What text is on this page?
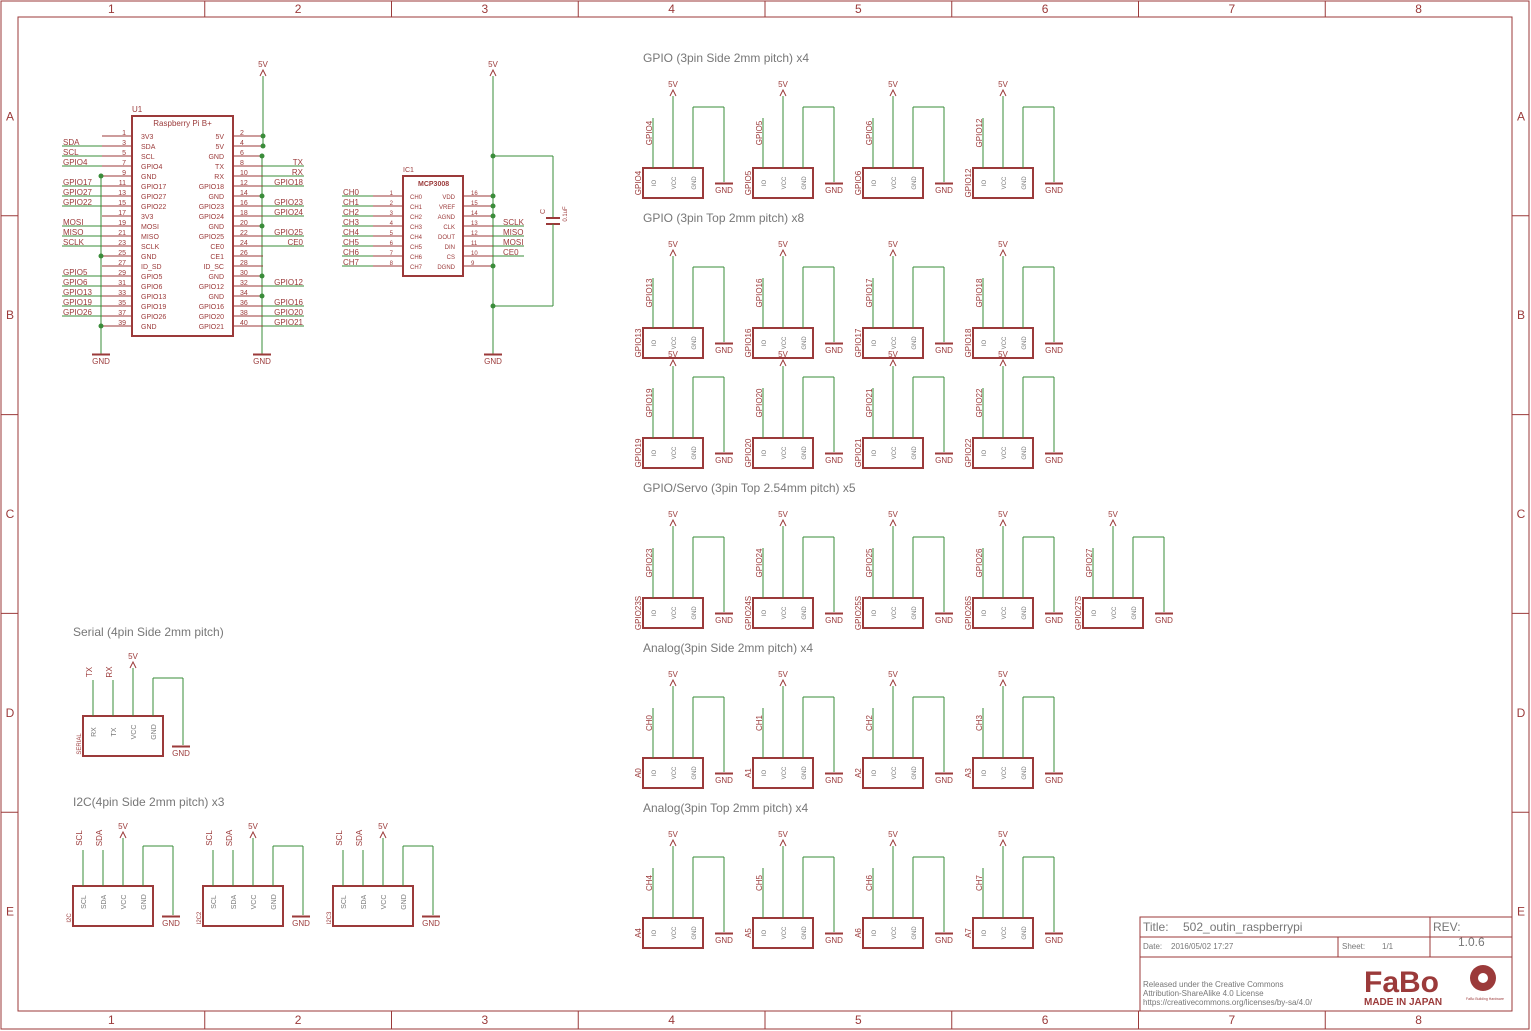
1
1
2
2
3
3
4
4
5
5
6
6
7
7
8
8
A	A
B	B
C	C
D	D
E	E
U1
Raspberry Pi B+
5V
GND	GND
1
3V3
3
SDA
SDA
5
SCL
SCL
7
GPIO4
GPIO4
9
GND
11
GPIO17
GPIO17
13
GPIO27
GPIO27
15
GPIO22
GPIO22
17
3V3
19
MOSI
MOSI
21
MISO
MISO
23
SCLK
SCLK
25
GND
27
ID_SD
29
GPIO5
GPIO5
31
GPIO6
GPIO6
33
GPIO13
GPIO13
35
GPIO19
GPIO19
37
GPIO26
GPIO26
39
GND
2
5V
4
5V
6
GND
8
TX
TX
10
RX
RX
12
GPIO18
GPIO18
14
GND
16
GPIO23
GPIO23
18
GPIO24
GPIO24
20
GND
22
GPIO25
GPIO25
24
CE0
CE0
26
CE1
28
ID_SC
30
GND
32
GPIO12
GPIO12
34
GND
36
GPIO16
GPIO16
38
GPIO20
GPIO20
40
GPIO21
GPIO21
IC1
MCP3008
5V
GND
C	0.1uF
CH0	1
CH0
CH1	2
CH1
CH2	3
CH2
CH3	4
CH3
CH4	5
CH4
CH5	6
CH5
CH6	7
CH6
CH7	8
CH7
16
VDD
15
VREF
14
AGND
13
CLK
SCLK
12
DOUT
MISO
11
DIN
MOSI
10
CS
CE0
9
DGND
GPIO (3pin Side 2mm pitch) x4
GPIO4
5V
GND
IO VCC GND
GPIO4
GPIO5
5V
GND
IO VCC GND
GPIO5
GPIO6
5V
GND
IO VCC GND
GPIO6
GPIO12
5V
GND
IO VCC GND
GPIO12
GPIO (3pin Top 2mm pitch) x8
GPIO13
5V
GND
IO VCC GND
GPIO13
GPIO16
5V
GND
IO VCC GND
GPIO16
GPIO17
5V
GND
IO VCC GND
GPIO17
GPIO18
5V
GND
IO VCC GND
GPIO18
GPIO19
5V
GND
IO VCC GND
GPIO19
GPIO20
5V
GND
IO VCC GND
GPIO20
GPIO21
5V
GND
IO VCC GND
GPIO21
GPIO22
5V
GND
IO VCC GND
GPIO22
GPIO/Servo (3pin Top 2.54mm pitch) x5
GPIO23
5V
GND
IO VCC GND
GPIO23S
GPIO24
5V
GND
IO VCC GND
GPIO24S
GPIO25
5V
GND
IO VCC GND
GPIO25S
GPIO26
5V
GND
IO VCC GND
GPIO26S
GPIO27
5V
GND
IO VCC GND
GPIO27S
Analog(3pin Side 2mm pitch) x4
CH0
5V
GND
IO VCC GND
A0
CH1
5V
GND
IO VCC GND
A1
CH2
5V
GND
IO VCC GND
A2
CH3
5V
GND
IO VCC GND
A3
Analog(3pin Top 2mm pitch) x4
CH4
5V
GND
IO VCC GND
A4
CH5
5V
GND
IO VCC GND
A5
CH6
5V
GND
IO VCC GND
A6
CH7
5V
GND
IO VCC GND
A7
Serial (4pin Side 2mm pitch)
TX RX
5V
GND
RX TX VCC GND
SERIAL
I2C(4pin Side 2mm pitch) x3
SCL SDA
5V
GND
SCL SDA VCC GND
I2C
SCL SDA
5V
GND
SCL SDA VCC GND
I2C2
SCL SDA
5V
GND
SCL SDA VCC GND
I2C3
Title: 502_outin_raspberrypi	REV:
1.0.6
Date: 2016/05/02 17:27	Sheet: 1/1
Released under the Creative Commons
Attribution-ShareAlike 4.0 License
https://creativecommons.org/licenses/by-sa/4.0/
FaBo
MADE IN JAPAN	FaBo Building Hardware
